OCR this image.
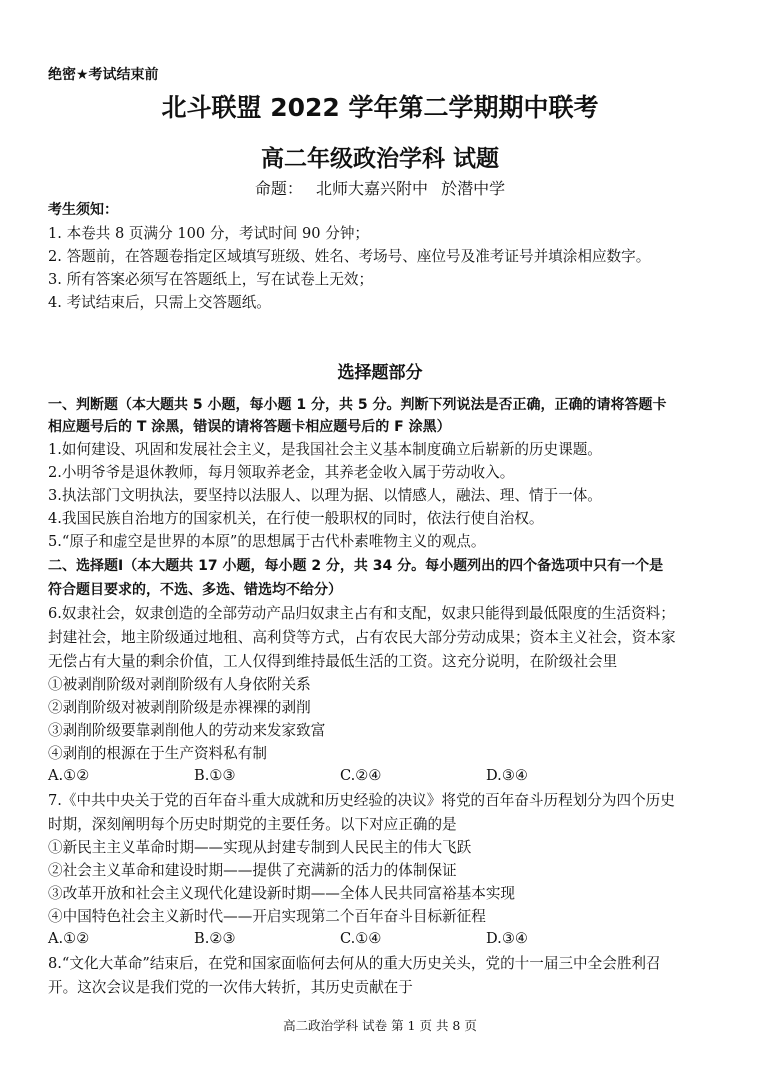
绝密★考试结束前
北斗联盟 2022 学年第二学期期中联考
高二年级政治学科 试题
命题： 北师大嘉兴附中 於潜中学
考生须知：
1. 本卷共 8 页满分 100 分，考试时间 90 分钟；
2. 答题前，在答题卷指定区域填写班级、姓名、考场号、座位号及准考证号并填涂相应数字。
3. 所有答案必须写在答题纸上，写在试卷上无效；
4. 考试结束后，只需上交答题纸。
选择题部分
一、判断题（本大题共 5 小题，每小题 1 分，共 5 分。判断下列说法是否正确，正确的请将答题卡
相应题号后的 T 涂黑，错误的请将答题卡相应题号后的 F 涂黑）
1.如何建设、巩固和发展社会主义，是我国社会主义基本制度确立后崭新的历史课题。
2.小明爷爷是退休教师，每月领取养老金，其养老金收入属于劳动收入。
3.执法部门文明执法，要坚持以法服人、以理为据、以情感人，融法、理、情于一体。
4.我国民族自治地方的国家机关，在行使一般职权的同时，依法行使自治权。
5.“原子和虚空是世界的本原”的思想属于古代朴素唯物主义的观点。
二、选择题Ⅰ（本大题共 17 小题，每小题 2 分，共 34 分。每小题列出的四个备选项中只有一个是
符合题目要求的，不选、多选、错选均不给分）
6.奴隶社会，奴隶创造的全部劳动产品归奴隶主占有和支配，奴隶只能得到最低限度的生活资料；
封建社会，地主阶级通过地租、高利贷等方式，占有农民大部分劳动成果；资本主义社会，资本家
无偿占有大量的剩余价值，工人仅得到维持最低生活的工资。这充分说明，在阶级社会里
①被剥削阶级对剥削阶级有人身依附关系
②剥削阶级对被剥削阶级是赤裸裸的剥削
③剥削阶级要靠剥削他人的劳动来发家致富
④剥削的根源在于生产资料私有制
A.①②	B.①③	C.②④	D.③④
7.《中共中央关于党的百年奋斗重大成就和历史经验的决议》将党的百年奋斗历程划分为四个历史
时期，深刻阐明每个历史时期党的主要任务。以下对应正确的是
①新民主主义革命时期——实现从封建专制到人民民主的伟大飞跃
②社会主义革命和建设时期——提供了充满新的活力的体制保证
③改革开放和社会主义现代化建设新时期——全体人民共同富裕基本实现
④中国特色社会主义新时代——开启实现第二个百年奋斗目标新征程
A.①②	B.②③	C.①④	D.③④
8.“文化大革命”结束后，在党和国家面临何去何从的重大历史关头，党的十一届三中全会胜利召
开。这次会议是我们党的一次伟大转折，其历史贡献在于
高二政治学科 试卷 第 1 页 共 8 页
